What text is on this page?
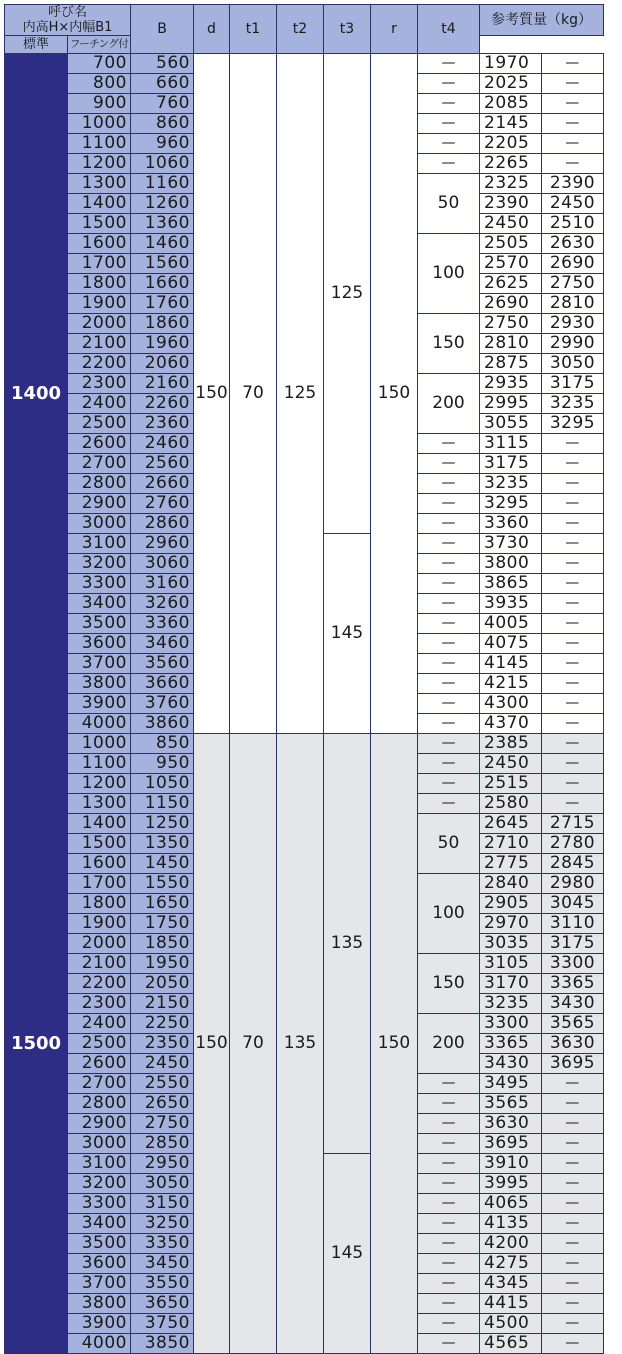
呼び名
内高H×内幅B1		B	d	t1	t2	t3	r	t4	参考質量（kg）	
標準	フーチング付									
1400	700	560	150	70	125	125	150	—	1970	—
	800	660						—	2025	—
	900	760						—	2085	—
	1000	860						—	2145	—
	1100	960						—	2205	—
	1200	1060						—	2265	—
	1300	1160						50	2325	2390
	1400	1260							2390	2450
	1500	1360							2450	2510
	1600	1460						100	2505	2630
	1700	1560							2570	2690
	1800	1660							2625	2750
	1900	1760							2690	2810
	2000	1860						150	2750	2930
	2100	1960							2810	2990
	2200	2060							2875	3050
	2300	2160						200	2935	3175
	2400	2260							2995	3235
	2500	2360							3055	3295
	2600	2460						—	3115	—
	2700	2560						—	3175	—
	2800	2660						—	3235	—
	2900	2760						—	3295	—
	3000	2860						—	3360	—
	3100	2960				145		—	3730	—
	3200	3060						—	3800	—
	3300	3160						—	3865	—
	3400	3260						—	3935	—
	3500	3360						—	4005	—
	3600	3460						—	4075	—
	3700	3560						—	4145	—
	3800	3660						—	4215	—
	3900	3760						—	4300	—
	4000	3860						—	4370	—
1500	1000	850	150	70	135	135	150	—	2385	—
	1100	950						—	2450	—
	1200	1050						—	2515	—
	1300	1150						—	2580	—
	1400	1250						50	2645	2715
	1500	1350							2710	2780
	1600	1450							2775	2845
	1700	1550						100	2840	2980
	1800	1650							2905	3045
	1900	1750							2970	3110
	2000	1850							3035	3175
	2100	1950						150	3105	3300
	2200	2050							3170	3365
	2300	2150							3235	3430
	2400	2250						200	3300	3565
	2500	2350							3365	3630
	2600	2450							3430	3695
	2700	2550						—	3495	—
	2800	2650						—	3565	—
	2900	2750						—	3630	—
	3000	2850						—	3695	—
	3100	2950				145		—	3910	—
	3200	3050						—	3995	—
	3300	3150						—	4065	—
	3400	3250						—	4135	—
	3500	3350						—	4200	—
	3600	3450						—	4275	—
	3700	3550						—	4345	—
	3800	3650						—	4415	—
	3900	3750						—	4500	—
	4000	3850						—	4565	—
